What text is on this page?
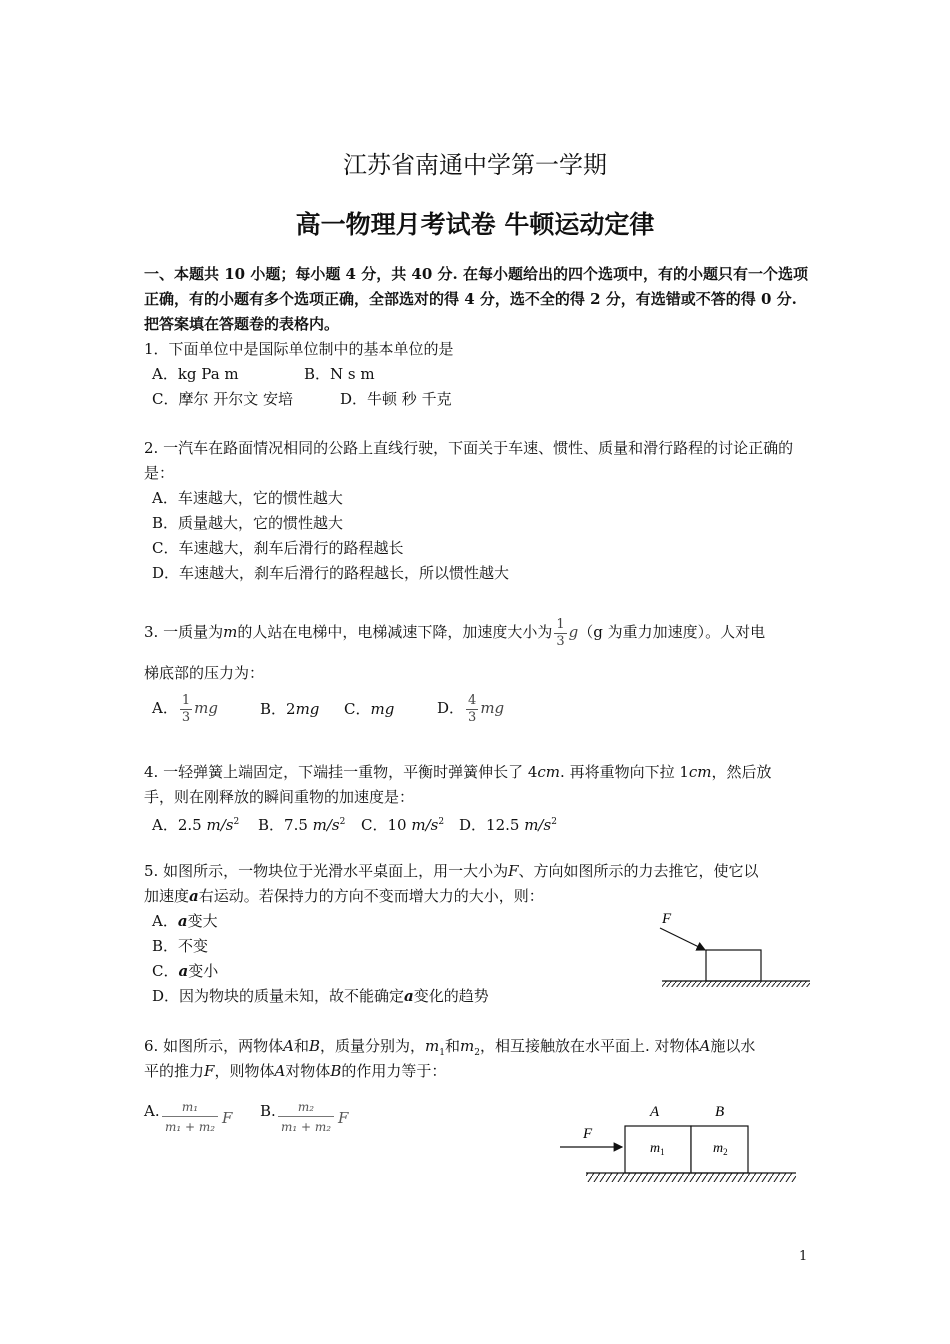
江苏省南通中学第一学期
高一物理月考试卷 牛顿运动定律
一、本题共 10 小题；每小题 4 分，共 40 分. 在每小题给出的四个选项中，有的小题只有一个选项正确，有的小题有多个选项正确，全部选对的得 4 分，选不全的得 2 分，有选错或不答的得 0 分.把答案填在答题卷的表格内。
1．下面单位中是国际单位制中的基本单位的是
A．kg Pa m	B．N s m
C．摩尔 开尔文 安培	D．牛顿 秒 千克
2. 一汽车在路面情况相同的公路上直线行驶，下面关于车速、惯性、质量和滑行路程的讨论正确的是：
A．车速越大，它的惯性越大
B．质量越大，它的惯性越大
C．车速越大，刹车后滑行的路程越长
D．车速越大，刹车后滑行的路程越长，所以惯性越大
3. 一质量为m的人站在电梯中，电梯减速下降，加速度大小为 $\frac{1}{3} g(g$ 为重力加速度）。人对电
梯底部的压力为：
A． $\frac{1}{3}$ mg	B．2mg C．mg	D． $\frac{4}{3}$ mg
4. 一轻弹簧上端固定，下端挂一重物，平衡时弹簧伸长了 4cm. 再将重物向下拉 1cm，然后放
手，则在刚释放的瞬间重物的加速度是：
A．2.5 $m/s^2$ B．7.5 $m/s^2$ C．10 $m/s^2$ D．12.5 $m/s^2$
5. 如图所示，一物块位于光滑水平桌面上，用一大小为F、方向如图所示的力去推它，使它以
加速度a右运动。若保持力的方向不变而增大力的大小，则：
A．a变大
B．不变
C．a变小
D．因为物块的质量未知，故不能确定a变化的趋势
F
6. 如图所示，两物体A和B，质量分别为，$m_1$和$m_2$，相互接触放在水平面上. 对物体A施以水
平的推力F，则物体A对物体B的作用力等于：
A.	m₁
m₁ + m₂ F B.	m₂
m₁ + m₂ F	A	B
F
$m_1$	$m_2$
1
